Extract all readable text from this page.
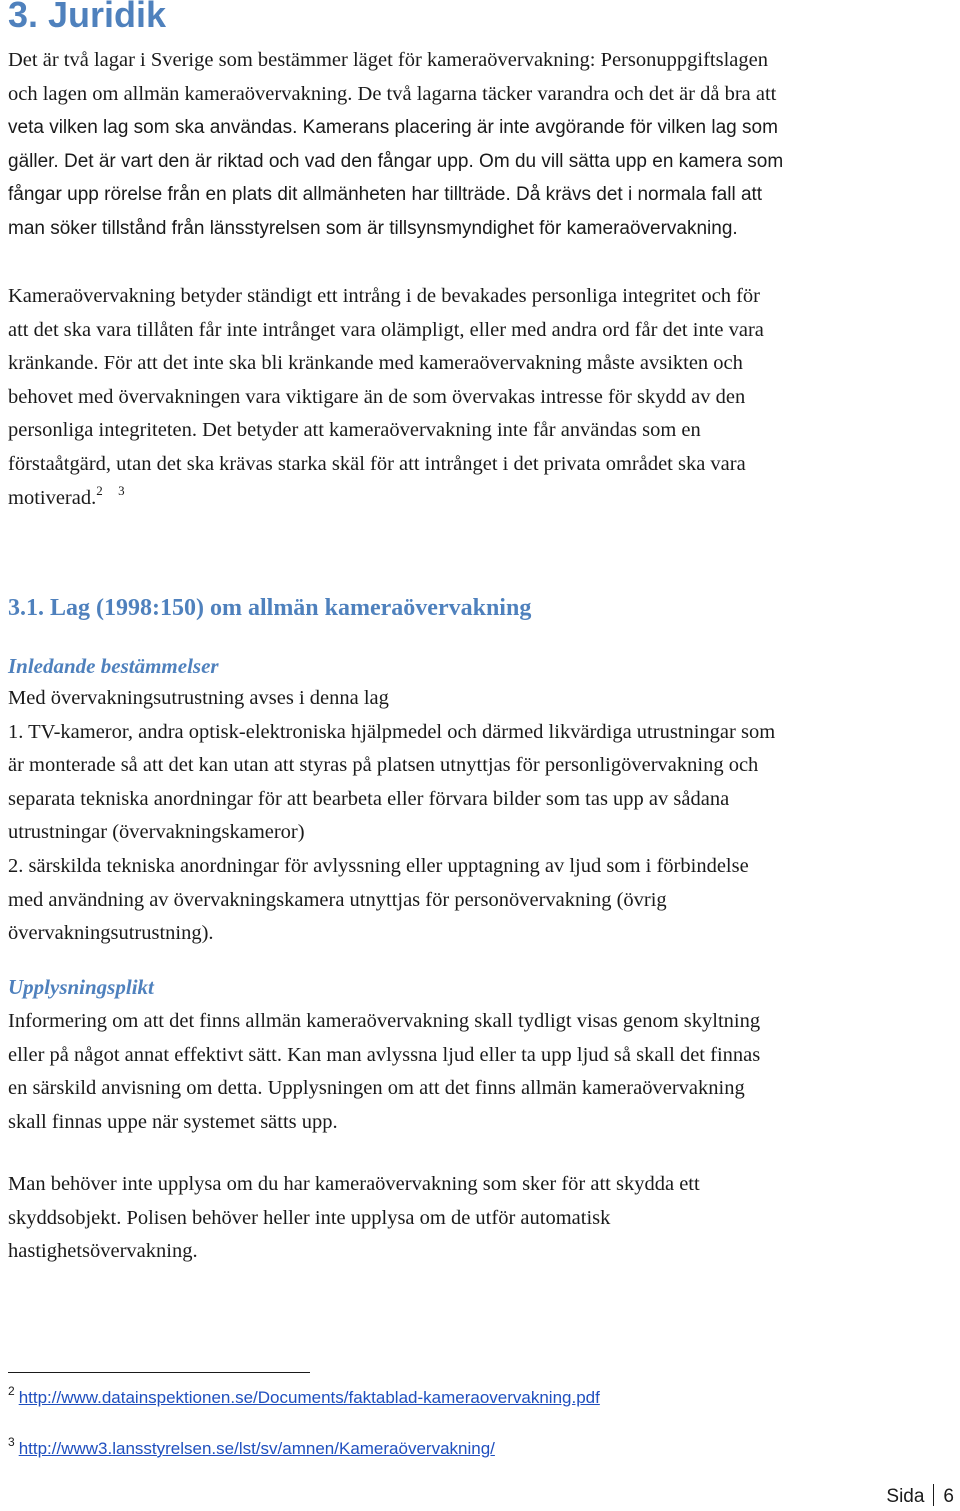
3. Juridik
Det är två lagar i Sverige som bestämmer läget för kameraövervakning: Personuppgiftslagen
och lagen om allmän kameraövervakning. De två lagarna täcker varandra och det är då bra att
veta vilken lag som ska användas. Kamerans placering är inte avgörande för vilken lag som
gäller. Det är vart den är riktad och vad den fångar upp. Om du vill sätta upp en kamera som
fångar upp rörelse från en plats dit allmänheten har tillträde. Då krävs det i normala fall att
man söker tillstånd från länsstyrelsen som är tillsynsmyndighet för kameraövervakning.
Kameraövervakning betyder ständigt ett intrång i de bevakades personliga integritet och för
att det ska vara tillåten får inte intrånget vara olämpligt, eller med andra ord får det inte vara
kränkande. För att det inte ska bli kränkande med kameraövervakning måste avsikten och
behovet med övervakningen vara viktigare än de som övervakas intresse för skydd av den
personliga integriteten. Det betyder att kameraövervakning inte får användas som en
förstaåtgärd, utan det ska krävas starka skäl för att intrånget i det privata området ska vara
motiverad.$^2$ $^3$
3.1. Lag (1998:150) om allmän kameraövervakning
Inledande bestämmelser
Med övervakningsutrustning avses i denna lag
1. TV-kameror, andra optisk-elektroniska hjälpmedel och därmed likvärdiga utrustningar som
är monterade så att det kan utan att styras på platsen utnyttjas för personligövervakning och
separata tekniska anordningar för att bearbeta eller förvara bilder som tas upp av sådana
utrustningar (övervakningskameror)
2. särskilda tekniska anordningar för avlyssning eller upptagning av ljud som i förbindelse
med användning av övervakningskamera utnyttjas för personövervakning (övrig
övervakningsutrustning).
Upplysningsplikt
Informering om att det finns allmän kameraövervakning skall tydligt visas genom skyltning
eller på något annat effektivt sätt. Kan man avlyssna ljud eller ta upp ljud så skall det finnas
en särskild anvisning om detta. Upplysningen om att det finns allmän kameraövervakning
skall finnas uppe när systemet sätts upp.
Man behöver inte upplysa om du har kameraövervakning som sker för att skydda ett
skyddsobjekt. Polisen behöver heller inte upplysa om de utför automatisk
hastighetsövervakning.

$^2$ http://www.datainspektionen.se/Documents/faktablad-kameraovervakning.pdf

$^3$ http://www3.lansstyrelsen.se/lst/sv/amnen/Kameraövervakning/

Sida 6
